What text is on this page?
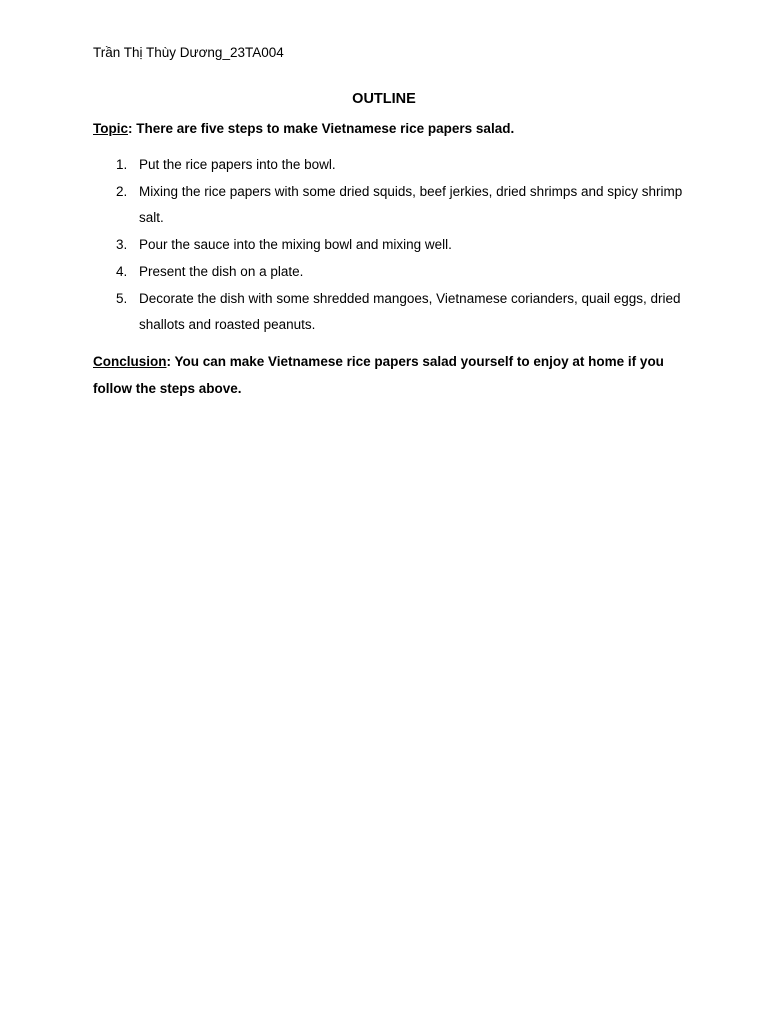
Trần Thị Thùy Dương_23TA004
OUTLINE
Topic: There are five steps to make Vietnamese rice papers salad.
1. Put the rice papers into the bowl.
2. Mixing the rice papers with some dried squids, beef jerkies, dried shrimps and spicy shrimp salt.
3. Pour the sauce into the mixing bowl and mixing well.
4. Present the dish on a plate.
5. Decorate the dish with some shredded mangoes, Vietnamese corianders, quail eggs, dried shallots and roasted peanuts.
Conclusion: You can make Vietnamese rice papers salad yourself to enjoy at home if you follow the steps above.
